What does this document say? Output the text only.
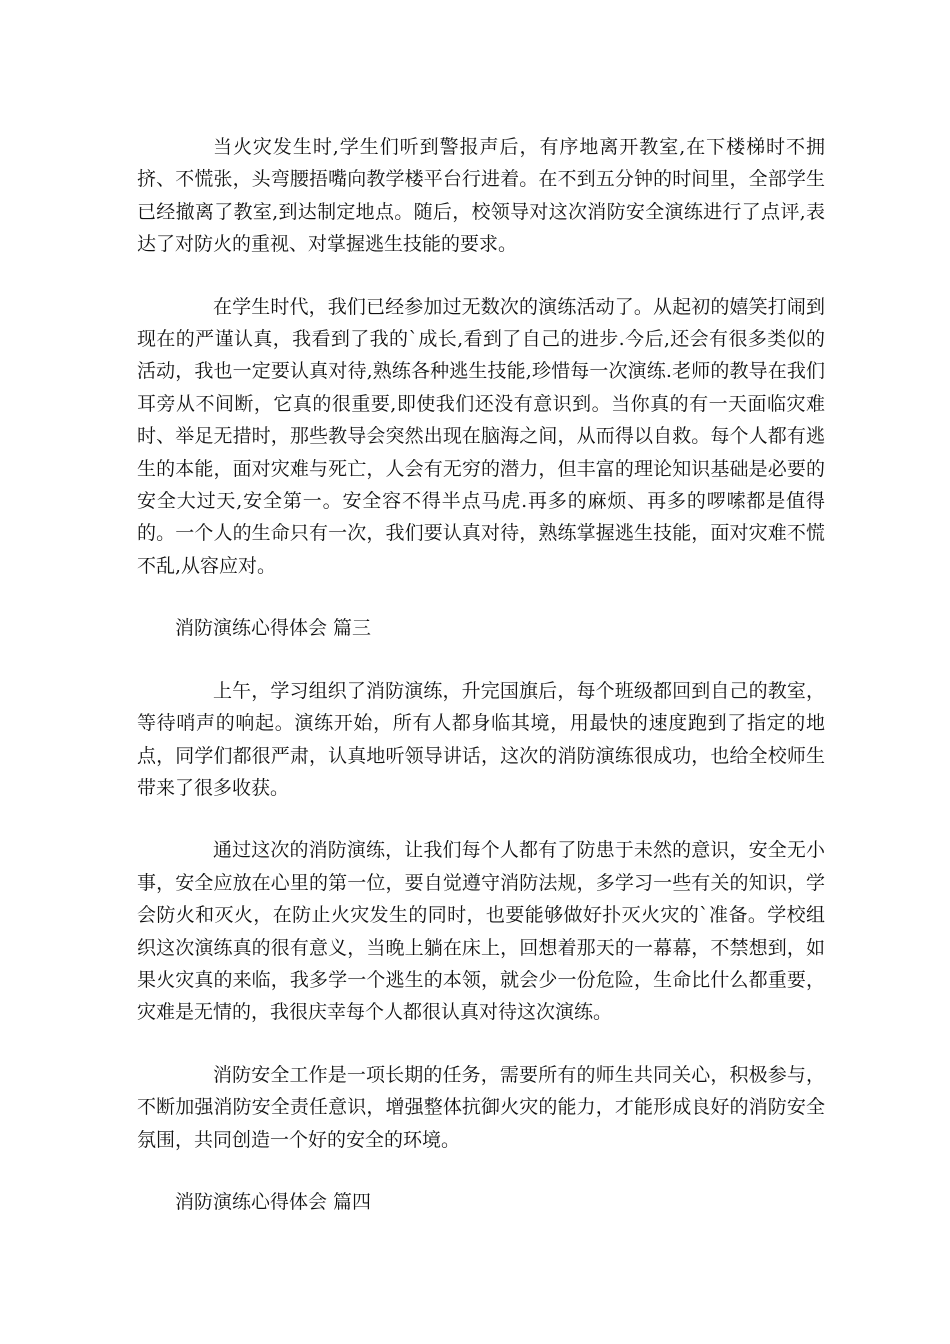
当火灾发生时,学生们听到警报声后，有序地离开教室,在下楼梯时不拥挤、不慌张，头弯腰捂嘴向教学楼平台行进着。在不到五分钟的时间里，全部学生已经撤离了教室,到达制定地点。随后，校领导对这次消防安全演练进行了点评,表达了对防火的重视、对掌握逃生技能的要求。

在学生时代，我们已经参加过无数次的演练活动了。从起初的嬉笑打闹到现在的严谨认真，我看到了我的`成长,看到了自己的进步.今后,还会有很多类似的活动，我也一定要认真对待,熟练各种逃生技能,珍惜每一次演练.老师的教导在我们耳旁从不间断，它真的很重要,即使我们还没有意识到。当你真的有一天面临灾难时、举足无措时，那些教导会突然出现在脑海之间，从而得以自救。每个人都有逃生的本能，面对灾难与死亡，人会有无穷的潜力，但丰富的理论知识基础是必要的安全大过天,安全第一。安全容不得半点马虎.再多的麻烦、再多的啰嗦都是值得的。一个人的生命只有一次，我们要认真对待，熟练掌握逃生技能，面对灾难不慌不乱,从容应对。

消防演练心得体会 篇三

上午，学习组织了消防演练，升完国旗后，每个班级都回到自己的教室，等待哨声的响起。演练开始，所有人都身临其境，用最快的速度跑到了指定的地点，同学们都很严肃，认真地听领导讲话，这次的消防演练很成功，也给全校师生带来了很多收获。

通过这次的消防演练，让我们每个人都有了防患于未然的意识，安全无小事，安全应放在心里的第一位，要自觉遵守消防法规，多学习一些有关的知识，学会防火和灭火，在防止火灾发生的同时，也要能够做好扑灭火灾的`准备。学校组织这次演练真的很有意义，当晚上躺在床上，回想着那天的一幕幕，不禁想到，如果火灾真的来临，我多学一个逃生的本领，就会少一份危险，生命比什么都重要，灾难是无情的，我很庆幸每个人都很认真对待这次演练。

消防安全工作是一项长期的任务，需要所有的师生共同关心，积极参与，不断加强消防安全责任意识，增强整体抗御火灾的能力，才能形成良好的消防安全氛围，共同创造一个好的安全的环境。

消防演练心得体会 篇四
